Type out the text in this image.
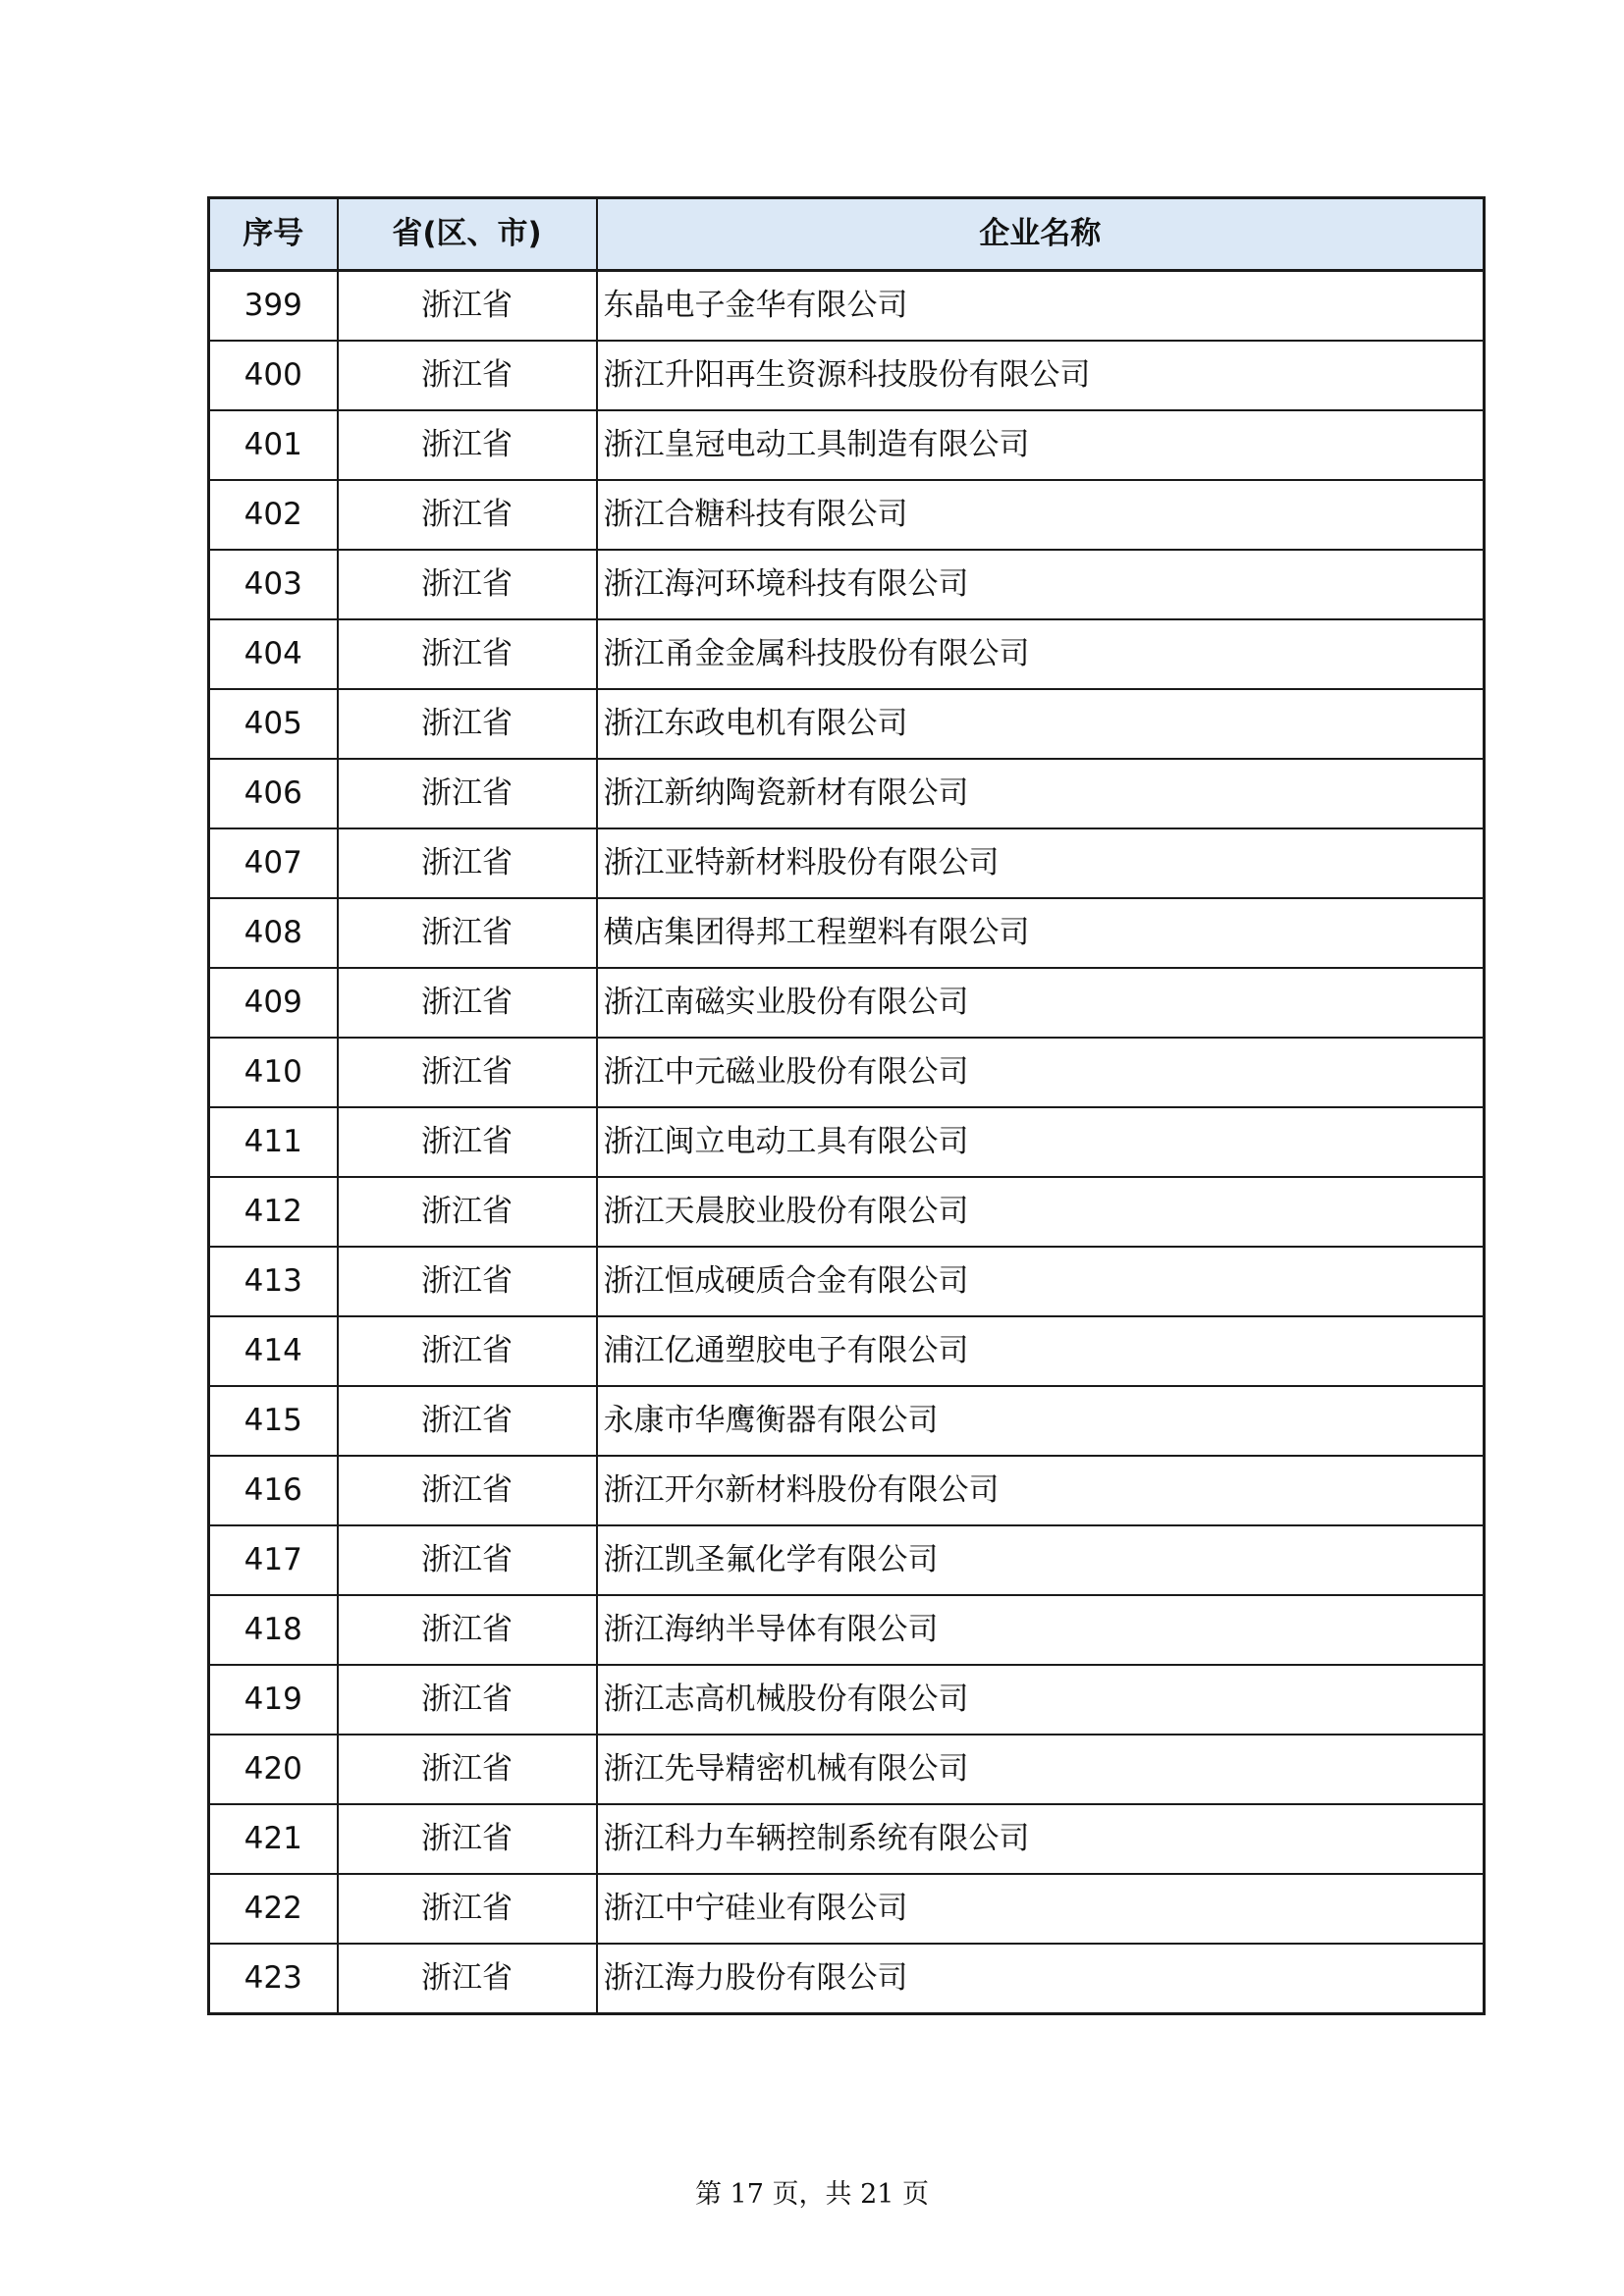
序号	省(区、市)	企业名称
399	浙江省	东晶电子金华有限公司
400	浙江省	浙江升阳再生资源科技股份有限公司
401	浙江省	浙江皇冠电动工具制造有限公司
402	浙江省	浙江合糖科技有限公司
403	浙江省	浙江海河环境科技有限公司
404	浙江省	浙江甬金金属科技股份有限公司
405	浙江省	浙江东政电机有限公司
406	浙江省	浙江新纳陶瓷新材有限公司
407	浙江省	浙江亚特新材料股份有限公司
408	浙江省	横店集团得邦工程塑料有限公司
409	浙江省	浙江南磁实业股份有限公司
410	浙江省	浙江中元磁业股份有限公司
411	浙江省	浙江闽立电动工具有限公司
412	浙江省	浙江天晨胶业股份有限公司
413	浙江省	浙江恒成硬质合金有限公司
414	浙江省	浦江亿通塑胶电子有限公司
415	浙江省	永康市华鹰衡器有限公司
416	浙江省	浙江开尔新材料股份有限公司
417	浙江省	浙江凯圣氟化学有限公司
418	浙江省	浙江海纳半导体有限公司
419	浙江省	浙江志高机械股份有限公司
420	浙江省	浙江先导精密机械有限公司
421	浙江省	浙江科力车辆控制系统有限公司
422	浙江省	浙江中宁硅业有限公司
423	浙江省	浙江海力股份有限公司
第 17 页，共 21 页
